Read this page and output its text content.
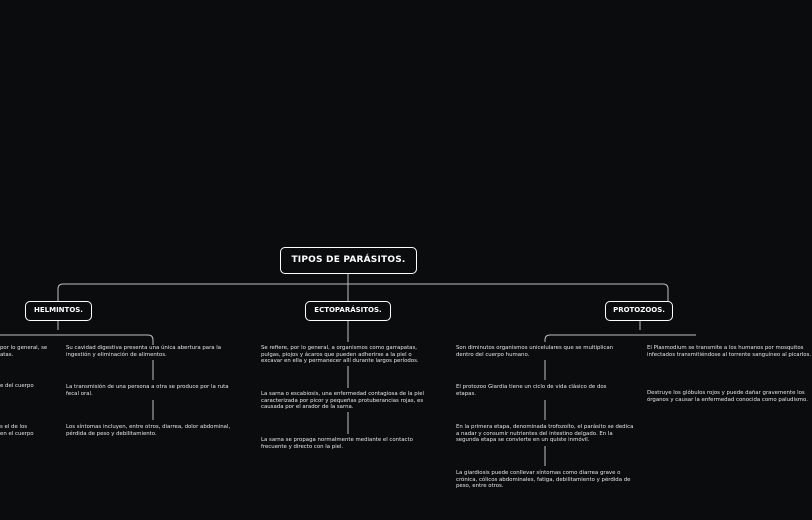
TIPOS DE PARÁSITOS.
HELMINTOS.	ECTOPARÁSITOS.	PROTOZOOS.
por lo general, se
atas.
e del cuerpo
s el de los
en el cuerpo
Su cavidad digestiva presenta una única abertura para la ingestión y eliminación de alimentos.
La transmisión de una persona a otra se produce por la ruta fecal oral.
Los síntomas incluyen, entre otros, diarrea, dolor abdominal, pérdida de peso y debilitamiento.
Se refiere, por lo general, a organismos como garrapatas, pulgas, piojos y ácaros que pueden adherirse a la piel o excavar en ella y permanecer allí durante largos períodos.
La sarna o escabiosis, una enfermedad contagiosa de la piel caracterizada por picor y pequeñas protuberancias rojas, es causada por el arador de la sarna.
La sarna se propaga normalmente mediante el contacto frecuente y directo con la piel.
Son diminutos organismos unicelulares que se multiplican dentro del cuerpo humano.
El protozoo Giardia tiene un ciclo de vida clásico de dos etapas.
En la primera etapa, denominada trofozoíto, el parásito se dedica a nadar y consumir nutrientes del intestino delgado. En la segunda etapa se convierte en un quiste inmóvil.
La giardiosis puede conllevar síntomas como diarrea grave o crónica, cólicos abdominales, fatiga, debilitamiento y pérdida de peso, entre otros.
El Plasmodium se transmite a los humanos por mosquitos infectados transmitiéndose al torrente sanguíneo al picarlos.
Destruye los glóbulos rojos y puede dañar gravemente los órganos y causar la enfermedad conocida como paludismo.
